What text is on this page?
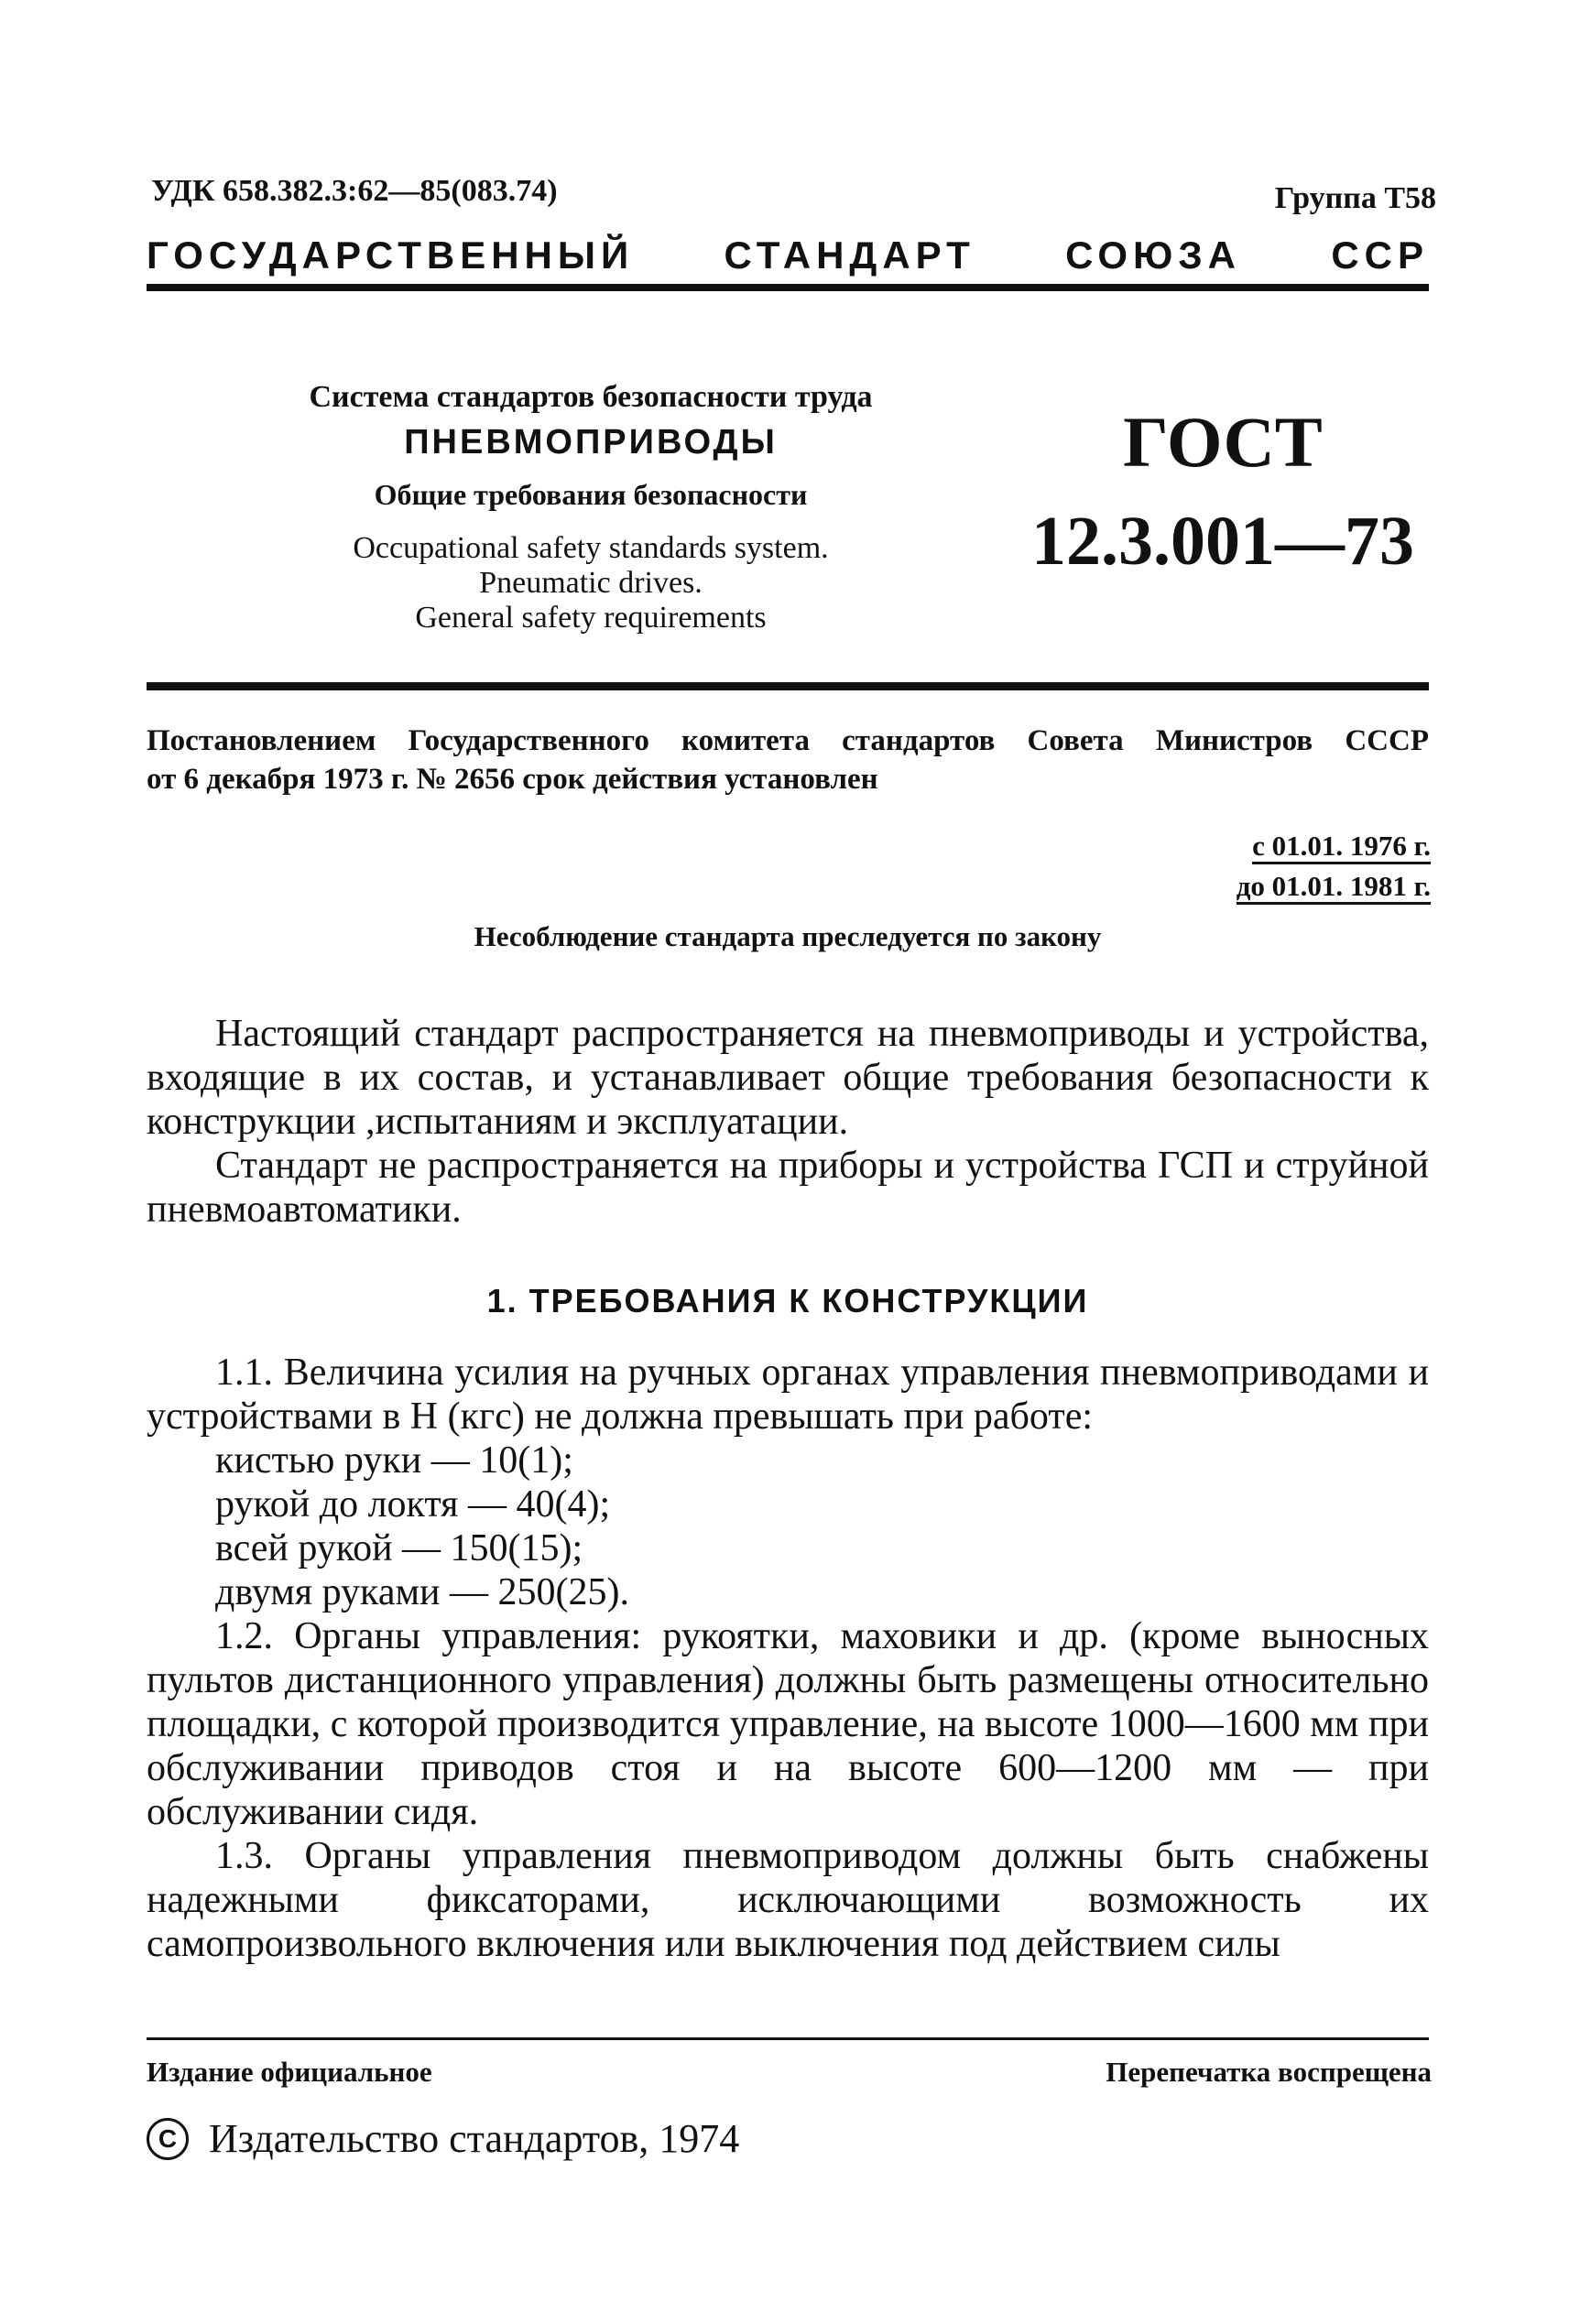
УДК 658.382.3:62—85(083.74)	Группа Т58
ГОСУДАРСТВЕННЫЙ СТАНДАРТ СОЮЗА ССР
Система стандартов безопасности труда
ПНЕВМОПРИВОДЫ
Общие требования безопасности
Occupational safety standards system.
Pneumatic drives.
General safety requirements
ГОСТ
12.3.001—73
Постановлением Государственного комитета стандартов Совета Министров СССР
от 6 декабря 1973 г. № 2656 срок действия установлен
с 01.01. 1976 г.
до 01.01. 1981 г.
Несоблюдение стандарта преследуется по закону

Настоящий стандарт распространяется на пневмоприводы и устройства, входящие в их состав, и устанавливает общие требования безопасности к конструкции ,испытаниям и эксплуатации.

Стандарт не распространяется на приборы и устройства ГСП и струйной пневмоавтоматики.

1. ТРЕБОВАНИЯ К КОНСТРУКЦИИ

1.1. Величина усилия на ручных органах управления пневмоприводами и устройствами в Н (кгс) не должна превышать при работе:

кистью руки — 10(1);
рукой до локтя — 40(4);
всей рукой — 150(15);
двумя руками — 250(25).

1.2. Органы управления: рукоятки, маховики и др. (кроме выносных пультов дистанционного управления) должны быть размещены относительно площадки, с которой производится управление, на высоте 1000—1600 мм при обслуживании приводов стоя и на высоте 600—1200 мм — при обслуживании сидя.

1.3. Органы управления пневмоприводом должны быть снабжены надежными фиксаторами, исключающими возможность их самопроизвольного включения или выключения под действием силы

Издание официальное	Перепечатка воспрещена
С Издательство стандартов, 1974
